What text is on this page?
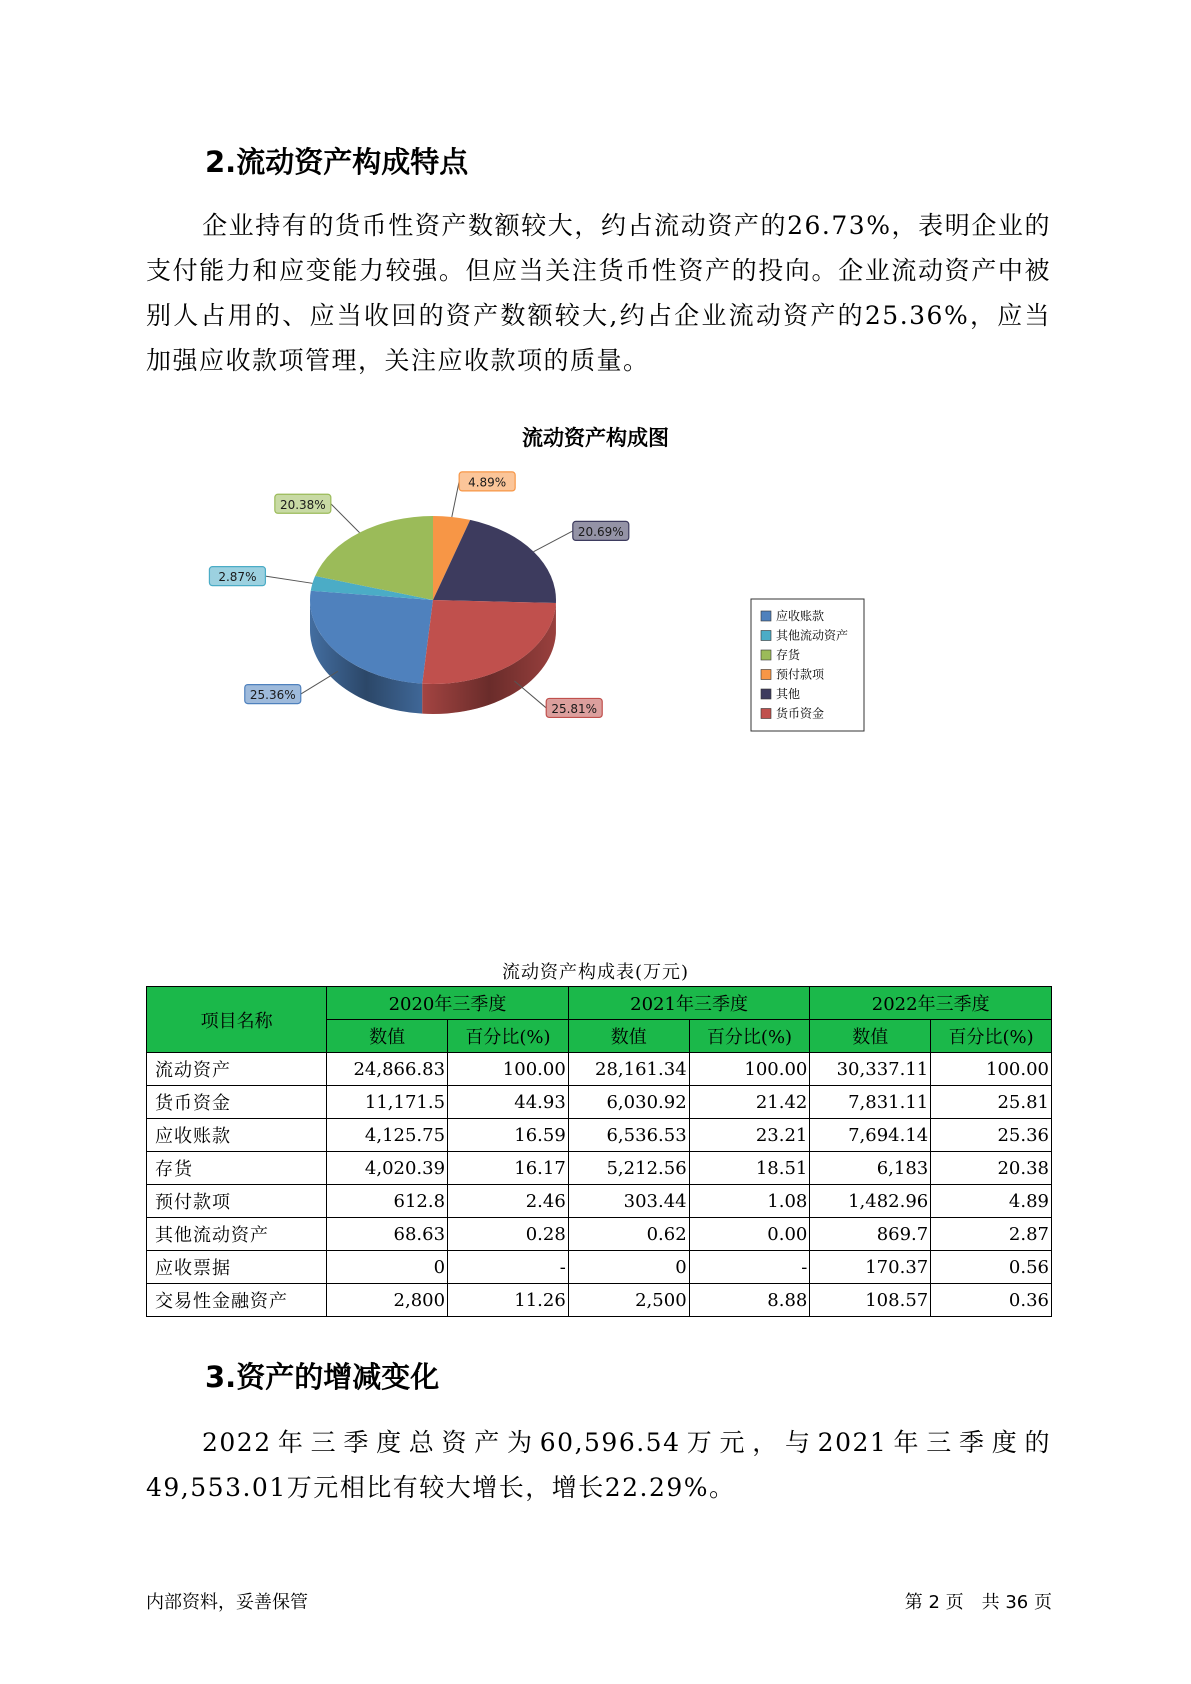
2.流动资产构成特点

企业持有的货币性资产数额较大，约占流动资产的26.73%，表明企业的支付能力和应变能力较强。但应当关注货币性资产的投向。企业流动资产中被别人占用的、应当收回的资产数额较大,约占企业流动资产的25.36%，应当加强应收款项管理，关注应收款项的质量。

流动资产构成图
25.36%
2.87%
20.38%
4.89%
20.69%
25.81%
应收账款
其他流动资产
存货
预付款项
其他
货币资金
流动资产构成表(万元)
项目名称	2020年三季度		2021年三季度		2022年三季度	
	数值	百分比(%)	数值	百分比(%)	数值	百分比(%)
流动资产	24,866.83	100.00	28,161.34	100.00	30,337.11	100.00
货币资金	11,171.5	44.93	6,030.92	21.42	7,831.11	25.81
应收账款	4,125.75	16.59	6,536.53	23.21	7,694.14	25.36
存货	4,020.39	16.17	5,212.56	18.51	6,183	20.38
预付款项	612.8	2.46	303.44	1.08	1,482.96	4.89
其他流动资产	68.63	0.28	0.62	0.00	869.7	2.87
应收票据	0	-	0	-	170.37	0.56
交易性金融资产	2,800	11.26	2,500	8.88	108.57	0.36
3.资产的增减变化

2022年三季度总资产为60,596.54万元，与2021年三季度的49,553.01万元相比有较大增长，增长22.29%。

内部资料，妥善保管	第 2 页　共 36 页
